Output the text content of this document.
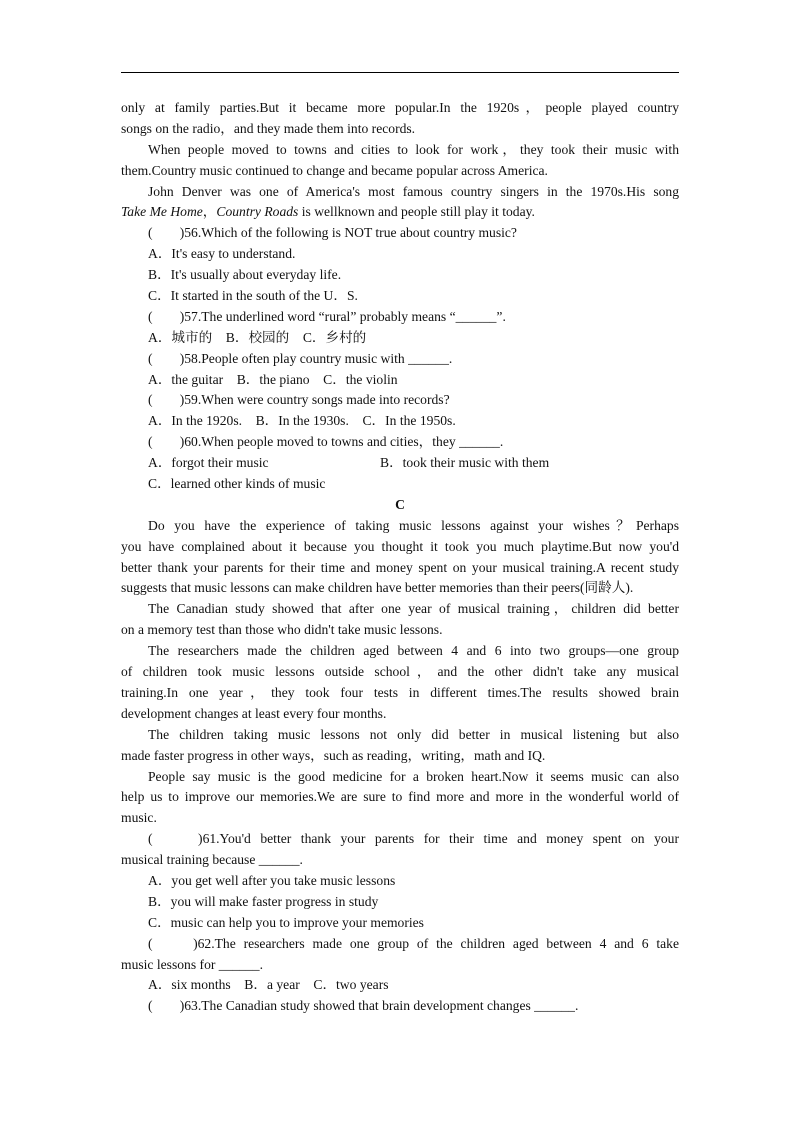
only at family parties.But it became more popular.In the 1920s，people played country
songs on the radio，and they made them into records.
When people moved to towns and cities to look for work，they took their music with
them.Country music continued to change and became popular across America.
John Denver was one of America's most famous country singers in the 1970s.His song
Take Me Home，Country Roads is wellknown and people still play it today.
(　　)56.Which of the following is NOT true about country music?
A．It's easy to understand.
B．It's usually about everyday life.
C．It started in the south of the U．S.
(　　)57.The underlined word “rural” probably means “______”.
A．城市的　B．校园的　C．乡村的
(　　)58.People often play country music with ______.
A．the guitar　B．the piano　C．the violin
(　　)59.When were country songs made into records?
A．In the 1920s.　B．In the 1930s.　C．In the 1950s.
(　　)60.When people moved to towns and cities，they ______.
A．forgot their music	B．took their music with them
C．learned other kinds of music
C
Do you have the experience of taking music lessons against your wishes？Perhaps
you have complained about it because you thought it took you much playtime.But now you'd
better thank your parents for their time and money spent on your musical training.A recent study
suggests that music lessons can make children have better memories than their peers(同龄人).
The Canadian study showed that after one year of musical training，children did better
on a memory test than those who didn't take music lessons.
The researchers made the children aged between 4 and 6 into two groups—one group
of children took music lessons outside school，and the other didn't take any musical
training.In one year，they took four tests in different times.The results showed brain
development changes at least every four months.
The children taking music lessons not only did better in musical listening but also
made faster progress in other ways，such as reading，writing，math and IQ.
People say music is the good medicine for a broken heart.Now it seems music can also
help us to improve our memories.We are sure to find more and more in the wonderful world of
music.
(　　)61.You'd better thank your parents for their time and money spent on your
musical training because ______.
A．you get well after you take music lessons
B．you will make faster progress in study
C．music can help you to improve your memories
(　　)62.The researchers made one group of the children aged between 4 and 6 take
music lessons for ______.
A．six months　B．a year　C．two years
(　　)63.The Canadian study showed that brain development changes ______.
